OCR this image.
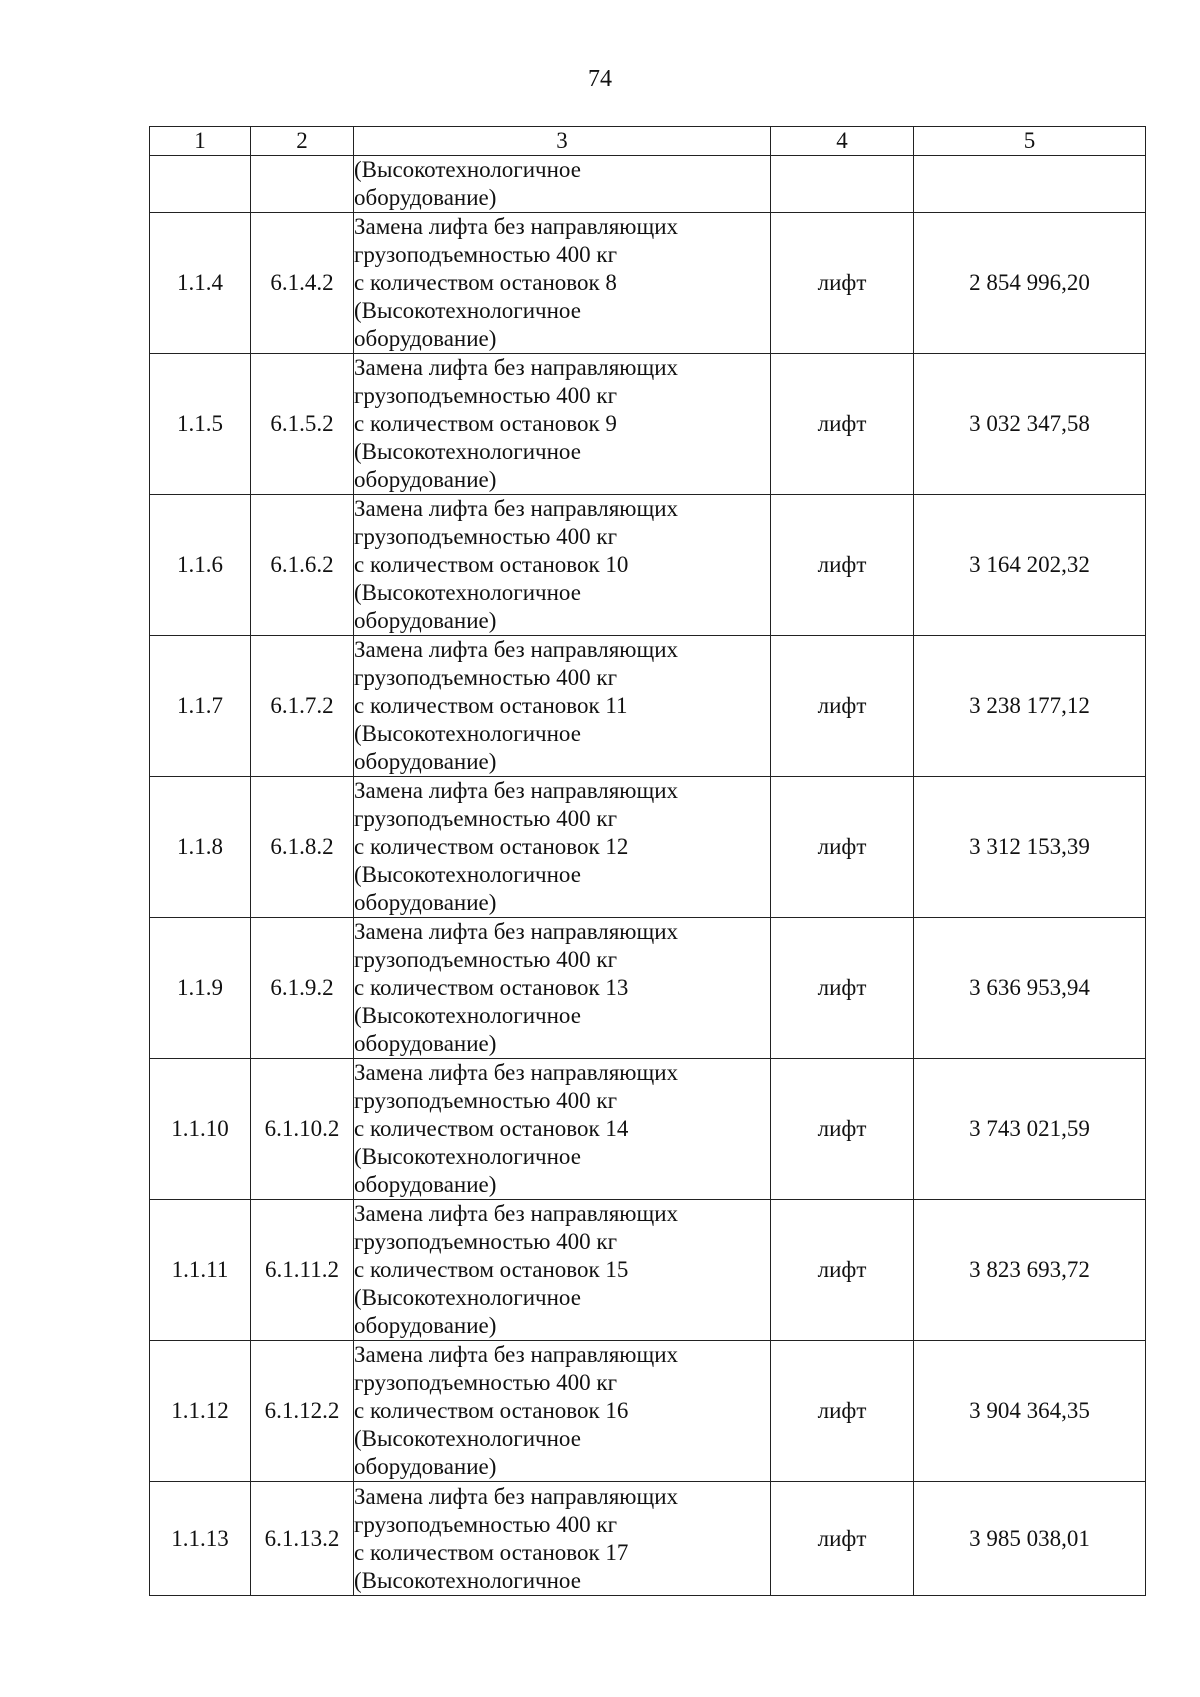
74
1	2	3	4	5
		(Высокотехнологичное
оборудование)		
1.1.4	6.1.4.2	Замена лифта без направляющих
грузоподъемностью 400 кг
с количеством остановок 8
(Высокотехнологичное
оборудование)	лифт	2 854 996,20
1.1.5	6.1.5.2	Замена лифта без направляющих
грузоподъемностью 400 кг
с количеством остановок 9
(Высокотехнологичное
оборудование)	лифт	3 032 347,58
1.1.6	6.1.6.2	Замена лифта без направляющих
грузоподъемностью 400 кг
с количеством остановок 10
(Высокотехнологичное
оборудование)	лифт	3 164 202,32
1.1.7	6.1.7.2	Замена лифта без направляющих
грузоподъемностью 400 кг
с количеством остановок 11
(Высокотехнологичное
оборудование)	лифт	3 238 177,12
1.1.8	6.1.8.2	Замена лифта без направляющих
грузоподъемностью 400 кг
с количеством остановок 12
(Высокотехнологичное
оборудование)	лифт	3 312 153,39
1.1.9	6.1.9.2	Замена лифта без направляющих
грузоподъемностью 400 кг
с количеством остановок 13
(Высокотехнологичное
оборудование)	лифт	3 636 953,94
1.1.10	6.1.10.2	Замена лифта без направляющих
грузоподъемностью 400 кг
с количеством остановок 14
(Высокотехнологичное
оборудование)	лифт	3 743 021,59
1.1.11	6.1.11.2	Замена лифта без направляющих
грузоподъемностью 400 кг
с количеством остановок 15
(Высокотехнологичное
оборудование)	лифт	3 823 693,72
1.1.12	6.1.12.2	Замена лифта без направляющих
грузоподъемностью 400 кг
с количеством остановок 16
(Высокотехнологичное
оборудование)	лифт	3 904 364,35
1.1.13	6.1.13.2	Замена лифта без направляющих
грузоподъемностью 400 кг
с количеством остановок 17
(Высокотехнологичное	лифт	3 985 038,01
